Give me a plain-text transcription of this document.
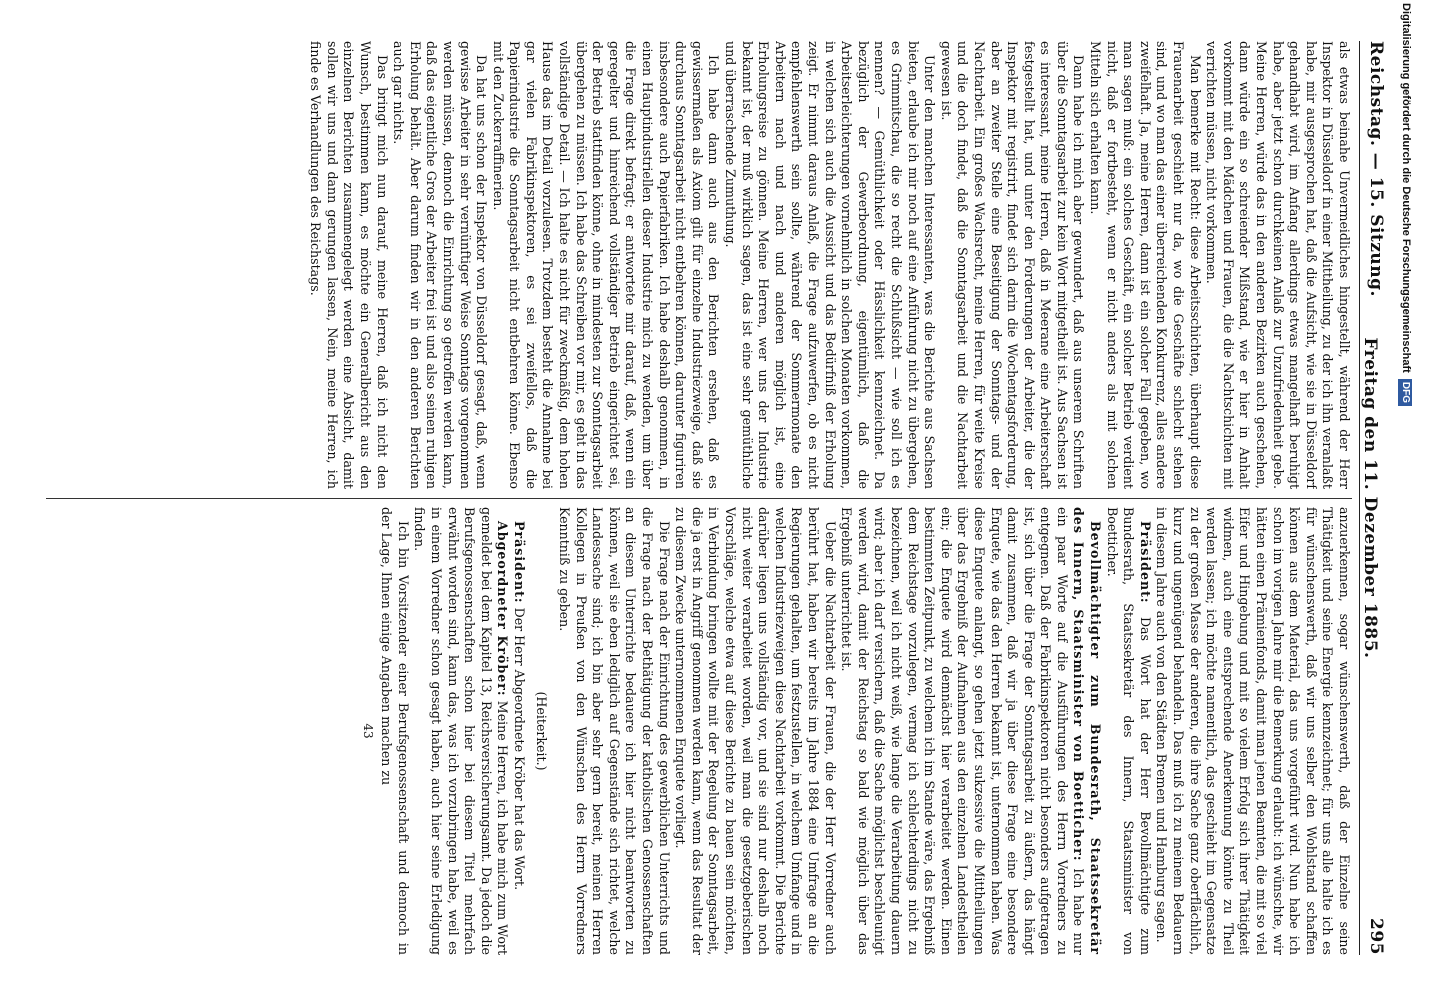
Reichstag. — 15. Sitzung.
Freitag den 11. Dezember 1885.
295

als etwas beinahe Unvermeidliches hingestellt, während der Herr Inspektor in Düsseldorf in einer Mittheilung, zu der ich ihn veranlaßt habe, mir ausgesprochen hat, daß die Aufsicht, wie sie in Düsseldorf gehandhabt wird, im Anfang allerdings etwas mangelhaft beruhigt habe, aber jetzt schon durchkeinen Anlaß zur Unzufriedenheit gebe. Meine Herren, würde das in den anderen Bezirken auch geschehen, dann würde ein so schreiender Mißstand, wie er hier in Anhalt vorkommt mit den Mädchen und Frauen, die die Nachtschichten mit verrichten müssen, nicht vorkommen.

Man bemerke mit Recht: diese Arbeitsschichten, überhaupt diese Frauenarbeit geschieht nur da, wo die Geschäfte schlecht stehen sind, und wo man das einer überreichenden Konkurrenz, alles andere zweifelhaft. Ja, meine Herren, dann ist ein solcher Fall gegeben, wo man sagen muß: ein solches Geschäft, ein solcher Betrieb verdient nicht, daß er fortbesteht, wenn er nicht anders als mit solchen Mitteln sich erhalten kann.

Dann habe ich mich aber gewundert, daß aus unserem Schriften über die Sonntagsarbeit zur kein Wort mitgetheilt ist. Aus Sachsen ist es interessant, meine Herren, daß in Meerane eine Arbeiterschaft festgestellt hat, und unter den Forderungen der Arbeiter, die der Inspektor mit registrirt, findet sich darin die Wochentagsforderung, aber an zweiter Stelle eine Beseitigung der Sonntags- und der Nachtarbeit. Ein großes Wachsrecht, meine Herren, für weite Kreise und die doch findet, daß die Sonntagsarbeit und die Nachtarbeit gewesen ist.

Unter den manchen Interessanten, was die Berichte aus Sachsen bieten, erlaube ich mir noch auf eine Anführung nicht zu übergehen, es Grimmitschau, die so recht die Schlußsicht — wie soll ich es nennen? — Gemüthlichkeit oder Hässlichkeit kennzeichnet. Da bezüglich der Gewerbeordnung, eigentümlich, daß die Arbeitserleichterungen vornehmlich in solchen Monaten vorkommen, in welchen sich auch die Aussicht und das Bedürfniß der Erholung zeigt. Er nimmt daraus Anlaß, die Frage aufzuwerfen, ob es nicht empfehlenswerth sein sollte, während der Sommermonate den Arbeitern nach und nach und anderen möglich ist, eine Erholungsreise zu gönnen. Meine Herren, wer uns der Industrie bekannt ist, der muß wirklich sagen, das ist eine sehr gemüthliche und überraschende Zumuthung.

Ich habe dann auch aus den Berichten ersehen, daß es gewissermaßen als Axiom gilt für einzelne Industriezweige, daß sie durchaus Sonntagsarbeit nicht entbehren können, darunter figuriren insbesondere auch Papierfabriken. Ich habe deshalb genommen, in einen Hauptindustriellen dieser Industrie mich zu wenden, um über die Frage direkt befragt; er antwortete mir darauf, daß, wenn ein geregelter und hinreichend vollständiger Betrieb eingerichtet sei, der Betrieb stattfinden könne, ohne in mindesten zur Sonntagsarbeit übergehen zu müssen. Ich habe das Schreiben vor mir, es geht in das vollständige Detail. — Ich halte es nicht für zweckmäßig, dem hohen Hause das im Detail vorzulesen. Trotzdem besteht die Annahme bei gar vielen Fabrikinspektoren, es sei zweifellos, daß die Papierindustrie die Sonntagsarbeit nicht entbehren könne. Ebenso mit den Zuckerraffinerien.

Da hat uns schon der Inspektor von Düsseldorf gesagt, daß, wenn gewisse Arbeiter in sehr vernünftiger Weise Sonntags vorgenommen werden müssen, dennoch die Einrichtung so getroffen werden kann, daß das eigentliche Gros der Arbeiter frei ist und also seinen ruhigen Erholung behält. Aber darum finden wir in den anderen Berichten auch gar nichts.

Das bringt mich nun darauf, meine Herren, daß ich nicht den Wunsch, bestimmen kann, es möchte ein Generalbericht aus den einzelnen Berichten zusammengelegt werden eine Absicht, damit sollen wir uns und dann gerungen lassen, Nein, meine Herren, ich finde es Verhandlungen des Reichstags.

anzuerkennen, sogar wünschenswerth, daß der Einzelne seine Thätigkeit und seine Energie kennzeichnet; für uns alle halte ich es für wünschenswerth, daß wir uns selber den Wohlstand schaffen können aus dem Material, das uns vorgeführt wird. Nun habe ich schon im vorigen Jahre mir die Bemerkung erlaubt: ich wünschte, wir hätten einen Prämienfonds, damit man jenen Beamten, die mit so viel Eifer und Hingebung und mit so vielem Erfolg sich ihrer Thätigkeit widmen, auch eine entsprechende Anerkennung könnte zu Theil werden lassen; ich möchte namentlich, das geschieht im Gegensatze zu der großen Masse der anderen, die ihre Sache ganz oberflächlich, kurz und ungenügend behandeln. Das muß ich zu meinem Bedauern in diesem Jahre auch von den Städten Bremen und Hamburg sagen.

Präsident: Das Wort hat der Herr Bevollmächtigte zum Bundesrath, Staatssekretär des Innern, Staatsminister von Boetticher.

Bevollmächtigter zum Bundesrath, Staatssekretär des Innern, Staatsminister von Boetticher: Ich habe nur ein paar Worte auf die Ausführungen des Herrn Vorredners zu entgegnen. Daß der Fabrikinspektoren nicht besonders aufgetragen ist, sich über die Frage der Sonntagsarbeit zu äußern, das hängt damit zusammen, daß wir ja über diese Frage eine besondere Enquete, wie das den Herren bekannt ist, unternommen haben. Was diese Enquete anlangt, so gehen jetzt sukzessive die Mittheilungen über das Ergebniß der Aufnahmen aus den einzelnen Landestheilen ein; die Enquete wird demnächst hier verarbeitet werden. Einen bestimmten Zeitpunkt, zu welchem ich im Stande wäre, das Ergebniß dem Reichstage vorzulegen, vermag ich schlechterdings nicht zu bezeichnen, weil ich nicht weiß, wie lange die Verarbeitung dauern wird; aber ich darf versichern, daß die Sache möglichst beschleunigt werden wird, damit der Reichstag so bald wie möglich über das Ergebniß unterrichtet ist.

Ueber die Nachtarbeit der Frauen, die der Herr Vorredner auch berührt hat, haben wir bereits im Jahre 1884 eine Umfrage an die Regierungen gehalten, um festzustellen, in welchem Umfange und in welchen Industriezweigen diese Nachtarbeit vorkommt. Die Berichte darüber liegen uns vollständig vor, und sie sind nur deshalb noch nicht weiter verarbeitet worden, weil man die gesetzgeberischen Vorschläge, welche etwa auf diese Berichte zu bauen sein möchten, in Verbindung bringen wollte mit der Regelung der Sonntagsarbeit, die ja erst in Angriff genommen werden kann, wenn das Resultat der zu diesem Zwecke unternommenen Enquete vorliegt.

Die Frage nach der Einrichtung des gewerblichen Unterrichts und die Frage nach der Bethätigung der katholischen Genossenschaften an diesem Unterrichte bedauere ich hier nicht beantworten zu können, weil sie eben lediglich auf Gegenstände sich richtet, welche Landessache sind; ich bin aber sehr gern bereit, meinen Herren Kollegen in Preußen von den Wünschen des Herrn Vorredners Kenntniß zu geben.

(Heiterkeit.)

Präsident: Der Herr Abgeordnete Kröber hat das Wort.

Abgeordneter Kröber: Meine Herren, ich habe mich zum Wort gemeldet bei dem Kapitel 13, Reichsversicherungsamt. Da jedoch die Berufsgenossenschaften schon hier bei diesem Titel mehrfach erwähnt worden sind, kann das, was ich vorzubringen habe, weil es in einem Vorredner schon gesagt haben, auch hier seine Erledigung finden.

Ich bin Vorsitzender einer Berufsgenossenschaft und dennoch in der Lage, Ihnen einige Angaben machen zu

43

Digitalisierung gefördert durch die Deutsche Forschungsgemeinschaft DFG
